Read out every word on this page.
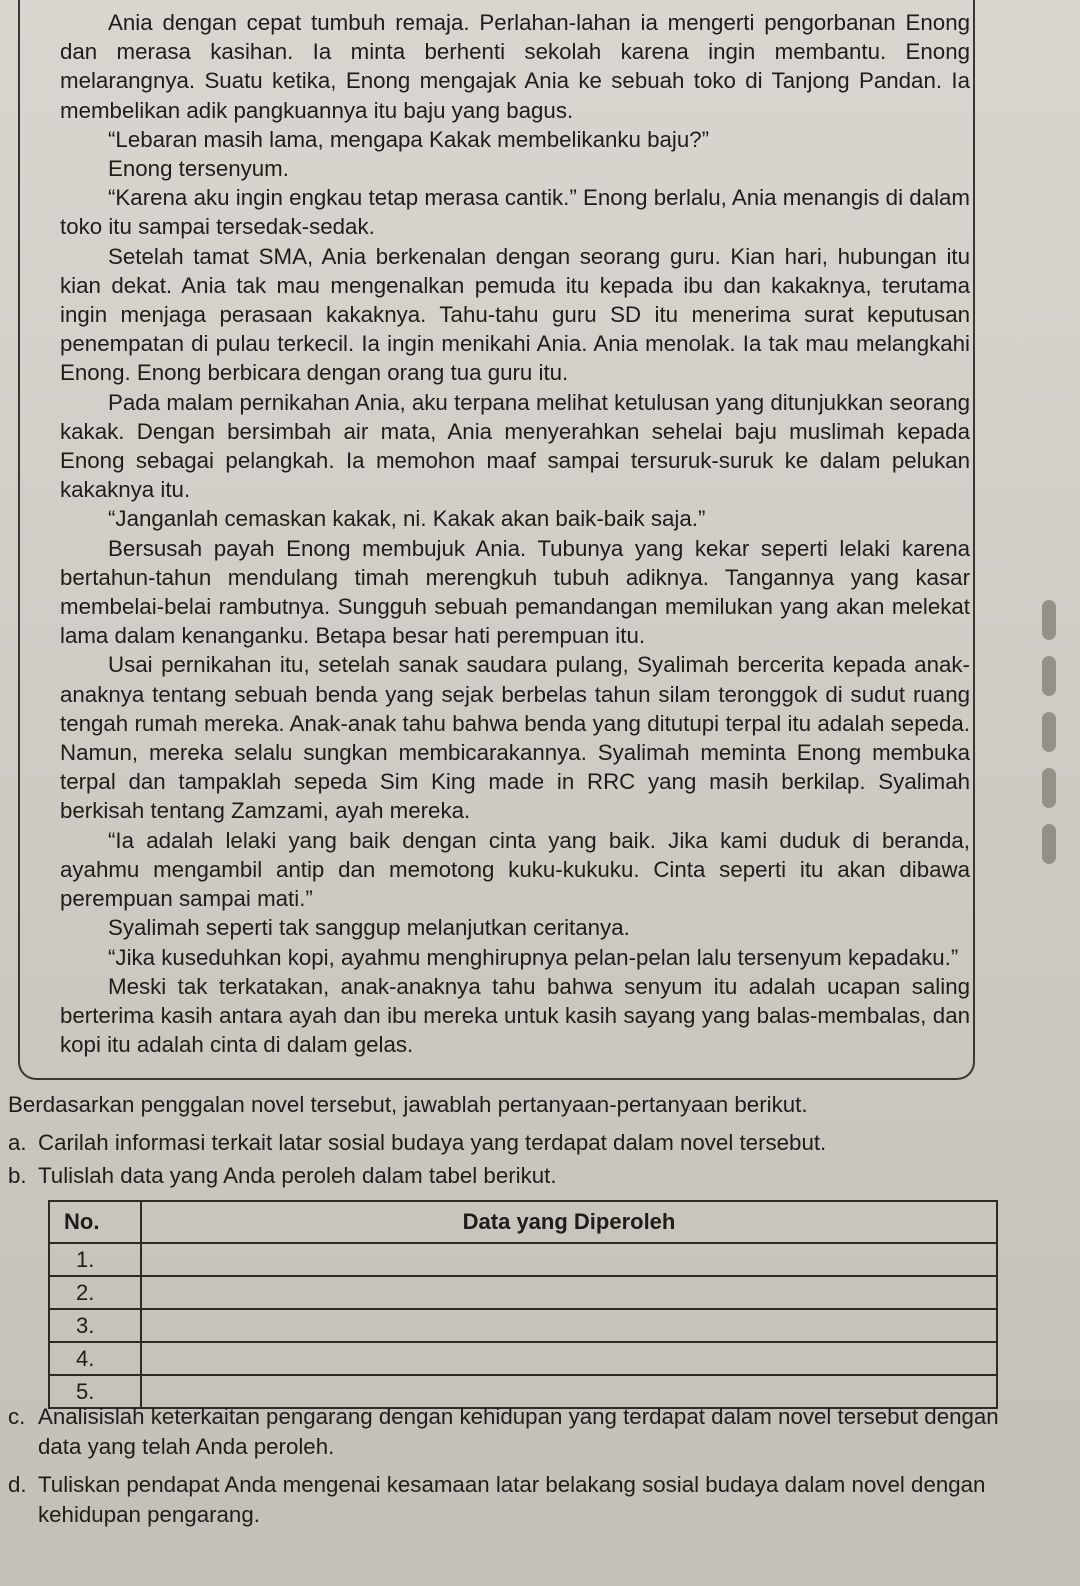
Ania dengan cepat tumbuh remaja. Perlahan-lahan ia mengerti pengorbanan Enong dan merasa kasihan. Ia minta berhenti sekolah karena ingin membantu. Enong melarangnya. Suatu ketika, Enong mengajak Ania ke sebuah toko di Tanjong Pandan. Ia membelikan adik pangkuannya itu baju yang bagus.

“Lebaran masih lama, mengapa Kakak membelikanku baju?”

Enong tersenyum.

“Karena aku ingin engkau tetap merasa cantik.” Enong berlalu, Ania menangis di dalam toko itu sampai tersedak-sedak.

Setelah tamat SMA, Ania berkenalan dengan seorang guru. Kian hari, hubungan itu kian dekat. Ania tak mau mengenalkan pemuda itu kepada ibu dan kakaknya, terutama ingin menjaga perasaan kakaknya. Tahu-tahu guru SD itu menerima surat keputusan penempatan di pulau terkecil. Ia ingin menikahi Ania. Ania menolak. Ia tak mau melangkahi Enong. Enong berbicara dengan orang tua guru itu.

Pada malam pernikahan Ania, aku terpana melihat ketulusan yang ditunjukkan seorang kakak. Dengan bersimbah air mata, Ania menyerahkan sehelai baju muslimah kepada Enong sebagai pelangkah. Ia memohon maaf sampai tersuruk-suruk ke dalam pelukan kakaknya itu.

“Janganlah cemaskan kakak, ni. Kakak akan baik-baik saja.”

Bersusah payah Enong membujuk Ania. Tubunya yang kekar seperti lelaki karena bertahun-tahun mendulang timah merengkuh tubuh adiknya. Tangannya yang kasar membelai-belai rambutnya. Sungguh sebuah pemandangan memilukan yang akan melekat lama dalam kenanganku. Betapa besar hati perempuan itu.

Usai pernikahan itu, setelah sanak saudara pulang, Syalimah bercerita kepada anak-anaknya tentang sebuah benda yang sejak berbelas tahun silam teronggok di sudut ruang tengah rumah mereka. Anak-anak tahu bahwa benda yang ditutupi terpal itu adalah sepeda. Namun, mereka selalu sungkan membicarakannya. Syalimah meminta Enong membuka terpal dan tampaklah sepeda Sim King made in RRC yang masih berkilap. Syalimah berkisah tentang Zamzami, ayah mereka.

“Ia adalah lelaki yang baik dengan cinta yang baik. Jika kami duduk di beranda, ayahmu mengambil antip dan memotong kuku-kukuku. Cinta seperti itu akan dibawa perempuan sampai mati.”

Syalimah seperti tak sanggup melanjutkan ceritanya.

“Jika kuseduhkan kopi, ayahmu menghirupnya pelan-pelan lalu tersenyum kepadaku.”

Meski tak terkatakan, anak-anaknya tahu bahwa senyum itu adalah ucapan saling berterima kasih antara ayah dan ibu mereka untuk kasih sayang yang balas-membalas, dan kopi itu adalah cinta di dalam gelas.

Berdasarkan penggalan novel tersebut, jawablah pertanyaan-pertanyaan berikut.

a. Carilah informasi terkait latar sosial budaya yang terdapat dalam novel tersebut.

b. Tulislah data yang Anda peroleh dalam tabel berikut.

No.	Data yang Diperoleh
1.	
2.	
3.	
4.	
5.	

c. Analisislah keterkaitan pengarang dengan kehidupan yang terdapat dalam novel tersebut dengan data yang telah Anda peroleh.

d. Tuliskan pendapat Anda mengenai kesamaan latar belakang sosial budaya dalam novel dengan kehidupan pengarang.
